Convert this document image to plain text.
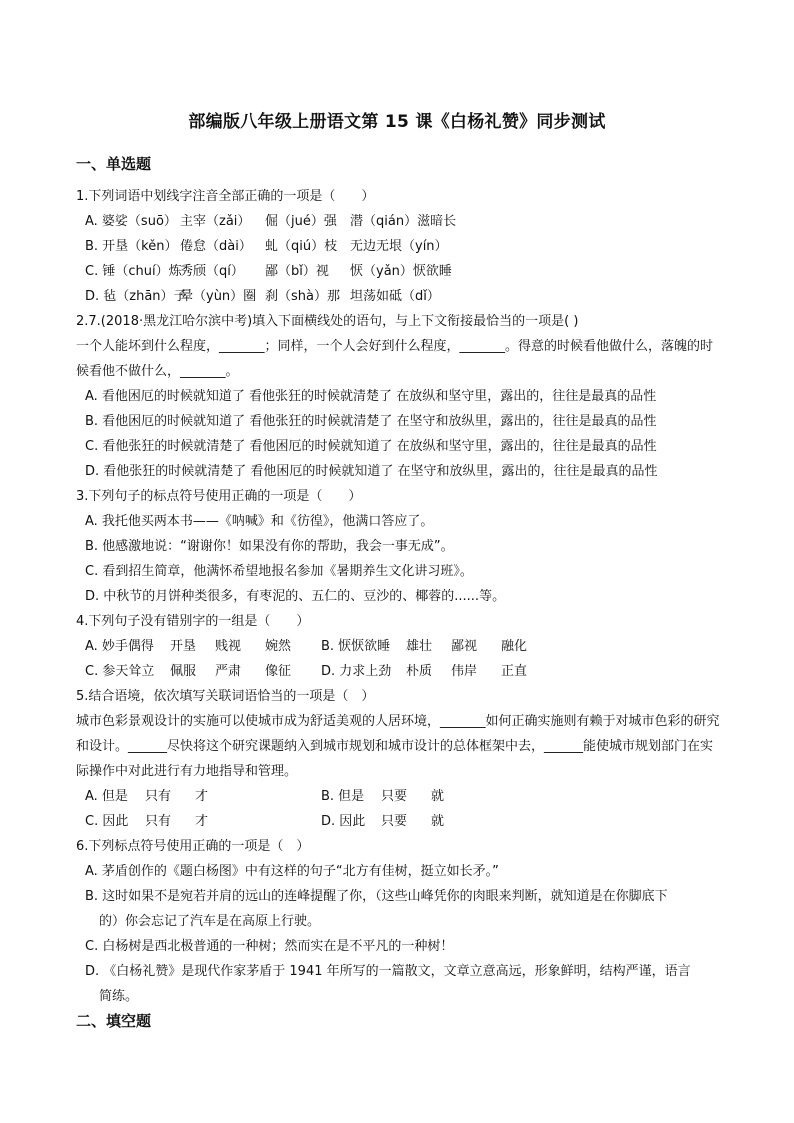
部编版八年级上册语文第 15 课《白杨礼赞》同步测试
一、单选题
1.下列词语中划线字注音全部正确的一项是（　　）
A. 婆娑（suō） 主宰（zǎi） 倔（jué）强 潜（qián）滋暗长
B. 开垦（kěn） 倦怠（dài） 虬（qiú）枝 无边无垠（yín）
C. 锤（chuí）炼秀颀（qí） 鄙（bǐ）视 恹（yǎn）恹欲睡
D. 毡（zhān）子晕（yùn）圈 刹（shà）那 坦荡如砥（dǐ）
2.7.(2018·黑龙江哈尔滨中考)填入下面横线处的语句，与上下文衔接最恰当的一项是( )
一个人能坏到什么程度，_______；同样，一个人会好到什么程度，_______。得意的时候看他做什么，落魄的时候看他不做什么，_______。
A. 看他困厄的时候就知道了 看他张狂的时候就清楚了 在放纵和坚守里，露出的，往往是最真的品性
B. 看他困厄的时候就知道了 看他张狂的时候就清楚了 在坚守和放纵里，露出的，往往是最真的品性
C. 看他张狂的时候就清楚了 看他困厄的时候就知道了 在放纵和坚守里，露出的，往往是最真的品性
D. 看他张狂的时候就清楚了 看他困厄的时候就知道了 在坚守和放纵里，露出的，往往是最真的品性
3.下列句子的标点符号使用正确的一项是（　　）
A. 我托他买两本书——《呐喊》和《彷徨》，他满口答应了。
B. 他感激地说：“谢谢你！如果没有你的帮助，我会一事无成”。
C. 看到招生简章，他满怀希望地报名参加《暑期养生文化讲习班》。
D. 中秋节的月饼种类很多，有枣泥的、五仁的、豆沙的、椰蓉的......等。
4.下列句子没有错别字的一组是（　　）
A. 妙手偶得 开垦 贱视 婉然 B. 恹恹欲睡 雄壮 鄙视 融化
C. 参天耸立 佩服 严肃 像征 D. 力求上劲 朴质 伟岸 正直
5.结合语境，依次填写关联词语恰当的一项是（　）
城市色彩景观设计的实施可以使城市成为舒适美观的人居环境，_______如何正确实施则有赖于对城市色彩的研究和设计。______尽快将这个研究课题纳入到城市规划和城市设计的总体框架中去，______能使城市规划部门在实际操作中对此进行有力地指导和管理。
A. 但是 只有 才	B. 但是 只要 就
C. 因此 只有 才	D. 因此 只要 就
6.下列标点符号使用正确的一项是（　）
A. 茅盾创作的《题白杨图》中有这样的句子“北方有佳树，挺立如长矛。”
B. 这时如果不是宛若并肩的远山的连峰提醒了你，（这些山峰凭你的肉眼来判断，就知道是在你脚底下
的）你会忘记了汽车是在高原上行驶。
C. 白杨树是西北极普通的一种树；然而实在是不平凡的一种树！
D. 《白杨礼赞》是现代作家茅盾于 1941 年所写的一篇散文，文章立意高远，形象鲜明，结构严谨，语言
简练。
二、填空题
